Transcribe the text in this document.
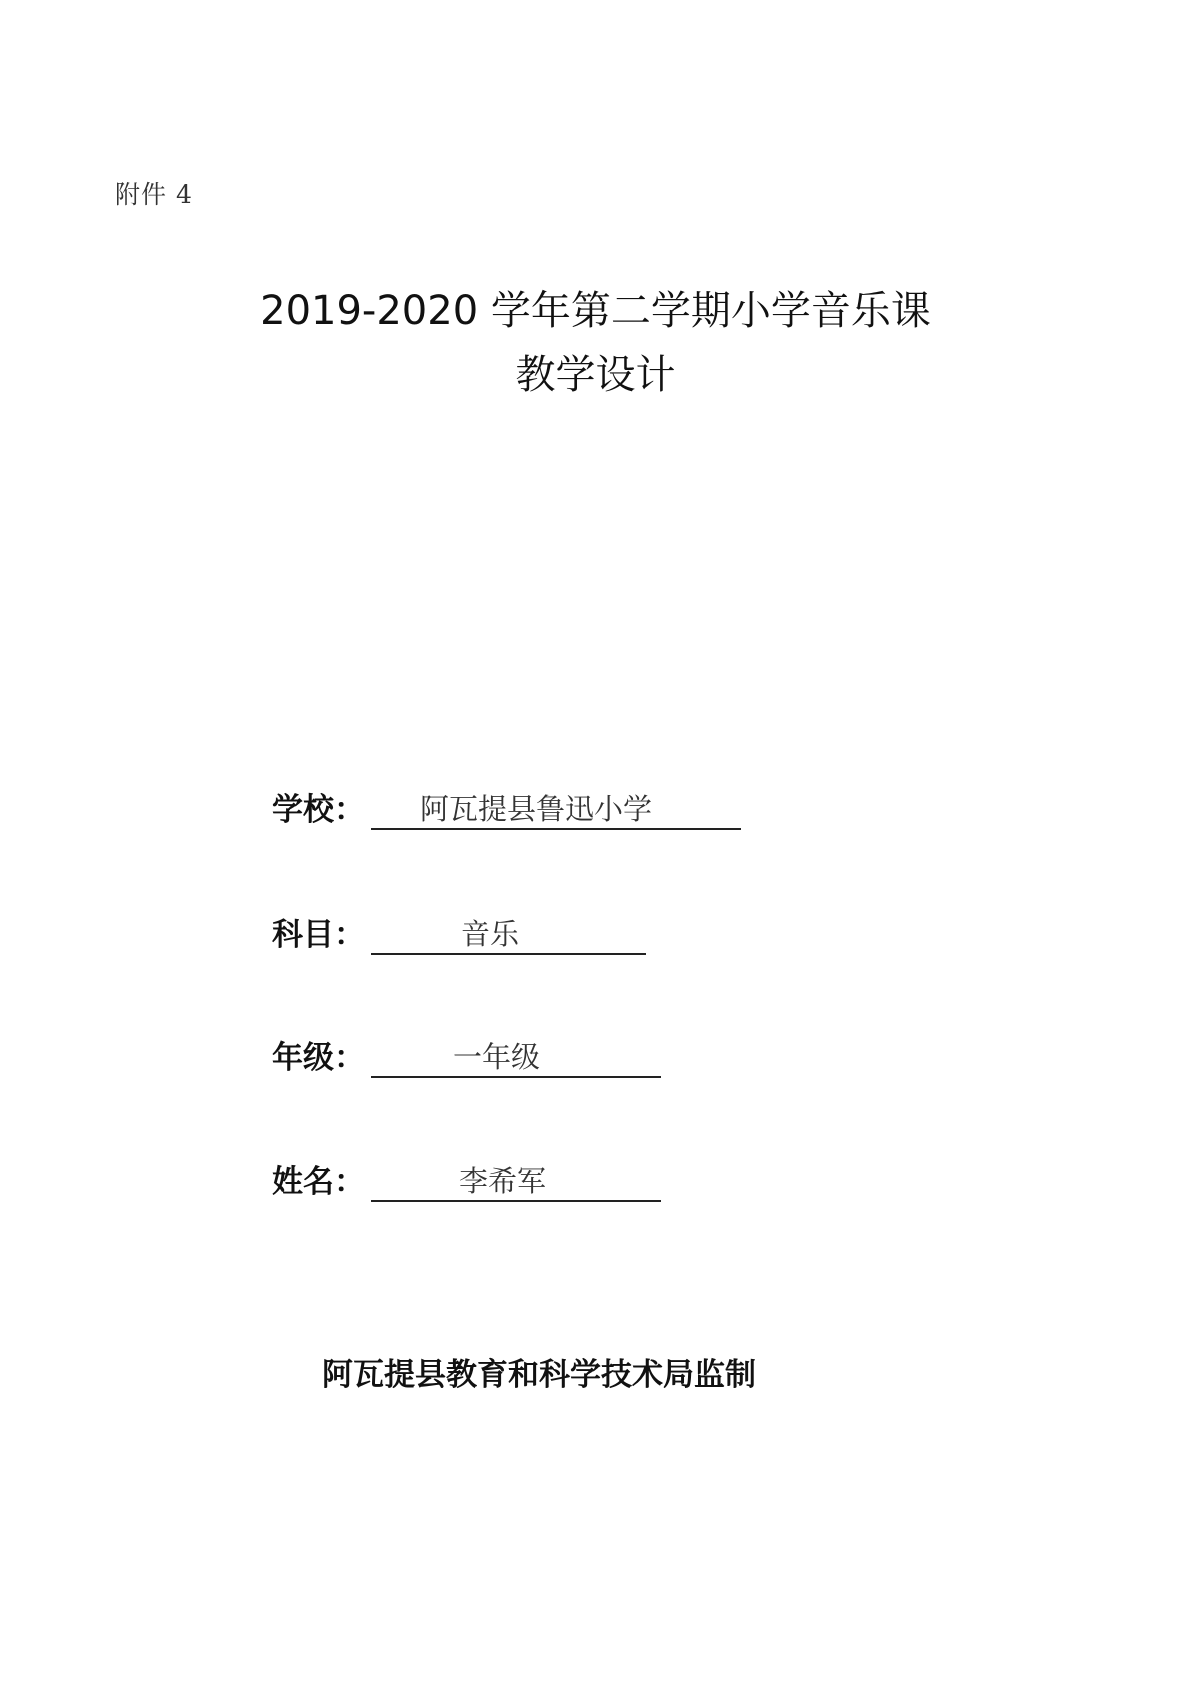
附件 4
2019-2020 学年第二学期小学音乐课
教学设计
学校： 阿瓦提县鲁迅小学
科目：	音乐
年级：	一年级
姓名：	李希军
阿瓦提县教育和科学技术局监制
